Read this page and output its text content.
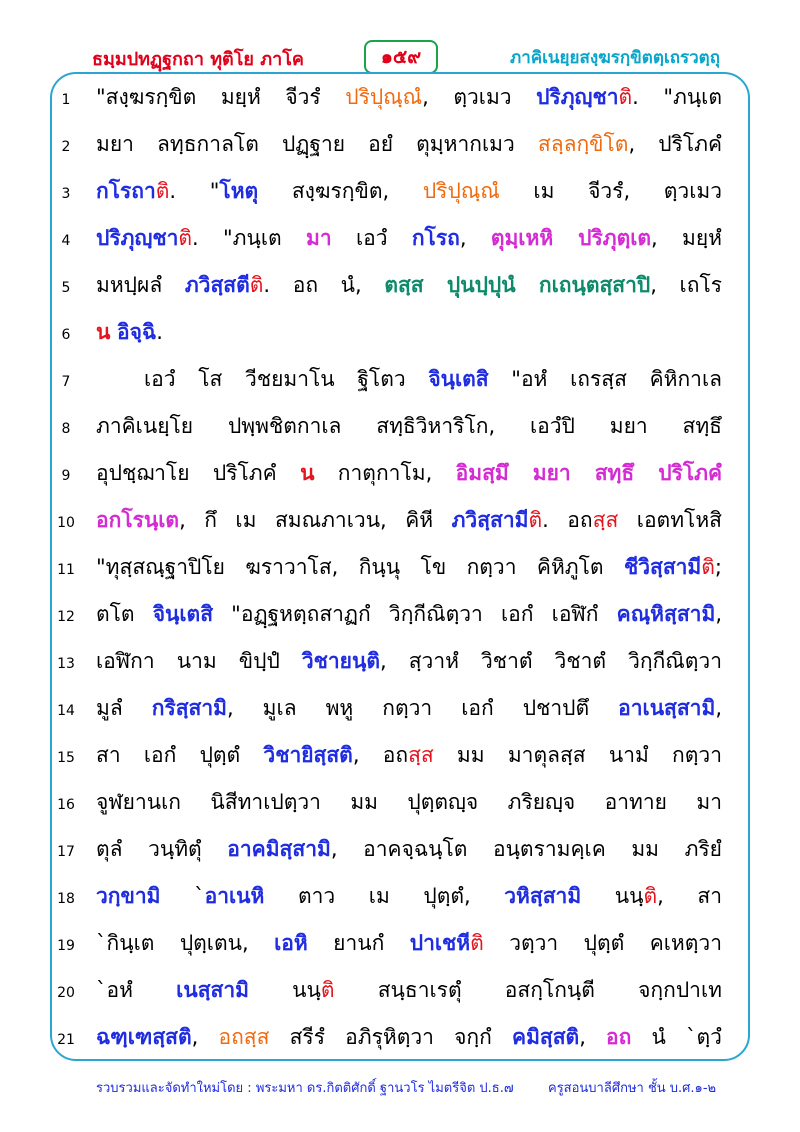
ธมฺมปทฏฺฐกถา ทุติโย ภาโค	๑๕๙	ภาคิเนยฺยสงฺฆรกฺขิตตฺเถรวตฺถุ
1	"สงฺฆรกฺขิต มยฺหํ จีวรํ ปริปุณฺณํ, ตฺวเมว ปริภุญฺชาติ. "ภนฺเต
2	มยา ลทฺธกาลโต ปฏฺฐาย อยํ ตุมฺหากเมว สลฺลกฺขิโต, ปริโภคํ
3	กโรถาติ. "โหตุ สงฺฆรกฺขิต, ปริปุณฺณํ เม จีวรํ, ตฺวเมว
4	ปริภุญฺชาติ. "ภนฺเต มา เอวํ กโรถ, ตุมฺเหหิ ปริภุตฺเต, มยฺหํ
5	มหปฺผลํ ภวิสฺสตีติ. อถ นํ, ตสฺส ปุนปฺปุนํ กเถนฺตสฺสาปิ, เถโร
6	น อิจฺฉิ.
7	เอวํ โส วีชยมาโน ฐิโตว จินฺเตสิ "อหํ เถรสฺส คิหิกาเล
8	ภาคิเนยฺโย ปพฺพชิตกาเล สทฺธิวิหาริโก, เอวํปิ มยา สทฺธึ
9	อุปชฺฌาโย ปริโภคํ น กาตุกาโม, อิมสฺมึ มยา สทฺธึ ปริโภคํ
10 อกโรนฺเต, กึ เม สมณภาเวน, คิหี ภวิสฺสามีติ. อถสฺส เอตทโหสิ
11 "ทุสฺสณฺฐาปิโย ฆราวาโส, กินฺนุ โข กตฺวา คิหิภูโต ชีวิสฺสามีติ;
12 ตโต จินฺเตสิ "อฏฺฐหตฺถสาฏกํ วิกฺกีณิตฺวา เอกํ เอฬิกํ คณฺหิสฺสามิ,
13 เอฬิกา นาม ขิปฺปํ วิชายนฺติ, สฺวาหํ วิชาตํ วิชาตํ วิกฺกีณิตฺวา
14 มูลํ กริสฺสามิ, มูเล พหู กตฺวา เอกํ ปชาปตึ อาเนสฺสามิ,
15 สา เอกํ ปุตฺตํ วิชายิสฺสติ, อถสฺส มม มาตุลสฺส นามํ กตฺวา
16 จูฬยานเก นิสีทาเปตฺวา มม ปุตฺตญฺจ ภริยญฺจ อาทาย มา
17 ตุลํ วนฺทิตุํ อาคมิสฺสามิ, อาคจฺฉนฺโต อนฺตรามคฺเค มม ภริยํ
18 วกฺขามิ `อาเนหิ ตาว เม ปุตฺตํ, วหิสฺสามิ นนฺติ, สา
19 `กินฺเต ปุตฺเตน, เอหิ ยานกํ ปาเชหีติ วตฺวา ปุตฺตํ คเหตฺวา
20 `อหํ เนสฺสามิ นนฺติ สนฺธาเรตุํ อสกฺโกนฺตี จกฺกปาเท
21 ฉฑฺเฑสฺสติ, อถสฺส สรีรํ อภิรุหิตฺวา จกฺกํ คมิสฺสติ, อถ นํ `ตฺวํ
รวบรวมและจัดทำใหม่โดย : พระมหา ดร.กิตติศักดิ์ ฐานวโร ไมตรีจิต ป.ธ.๗	ครูสอนบาลีศึกษา ชั้น บ.ศ.๑-๒
